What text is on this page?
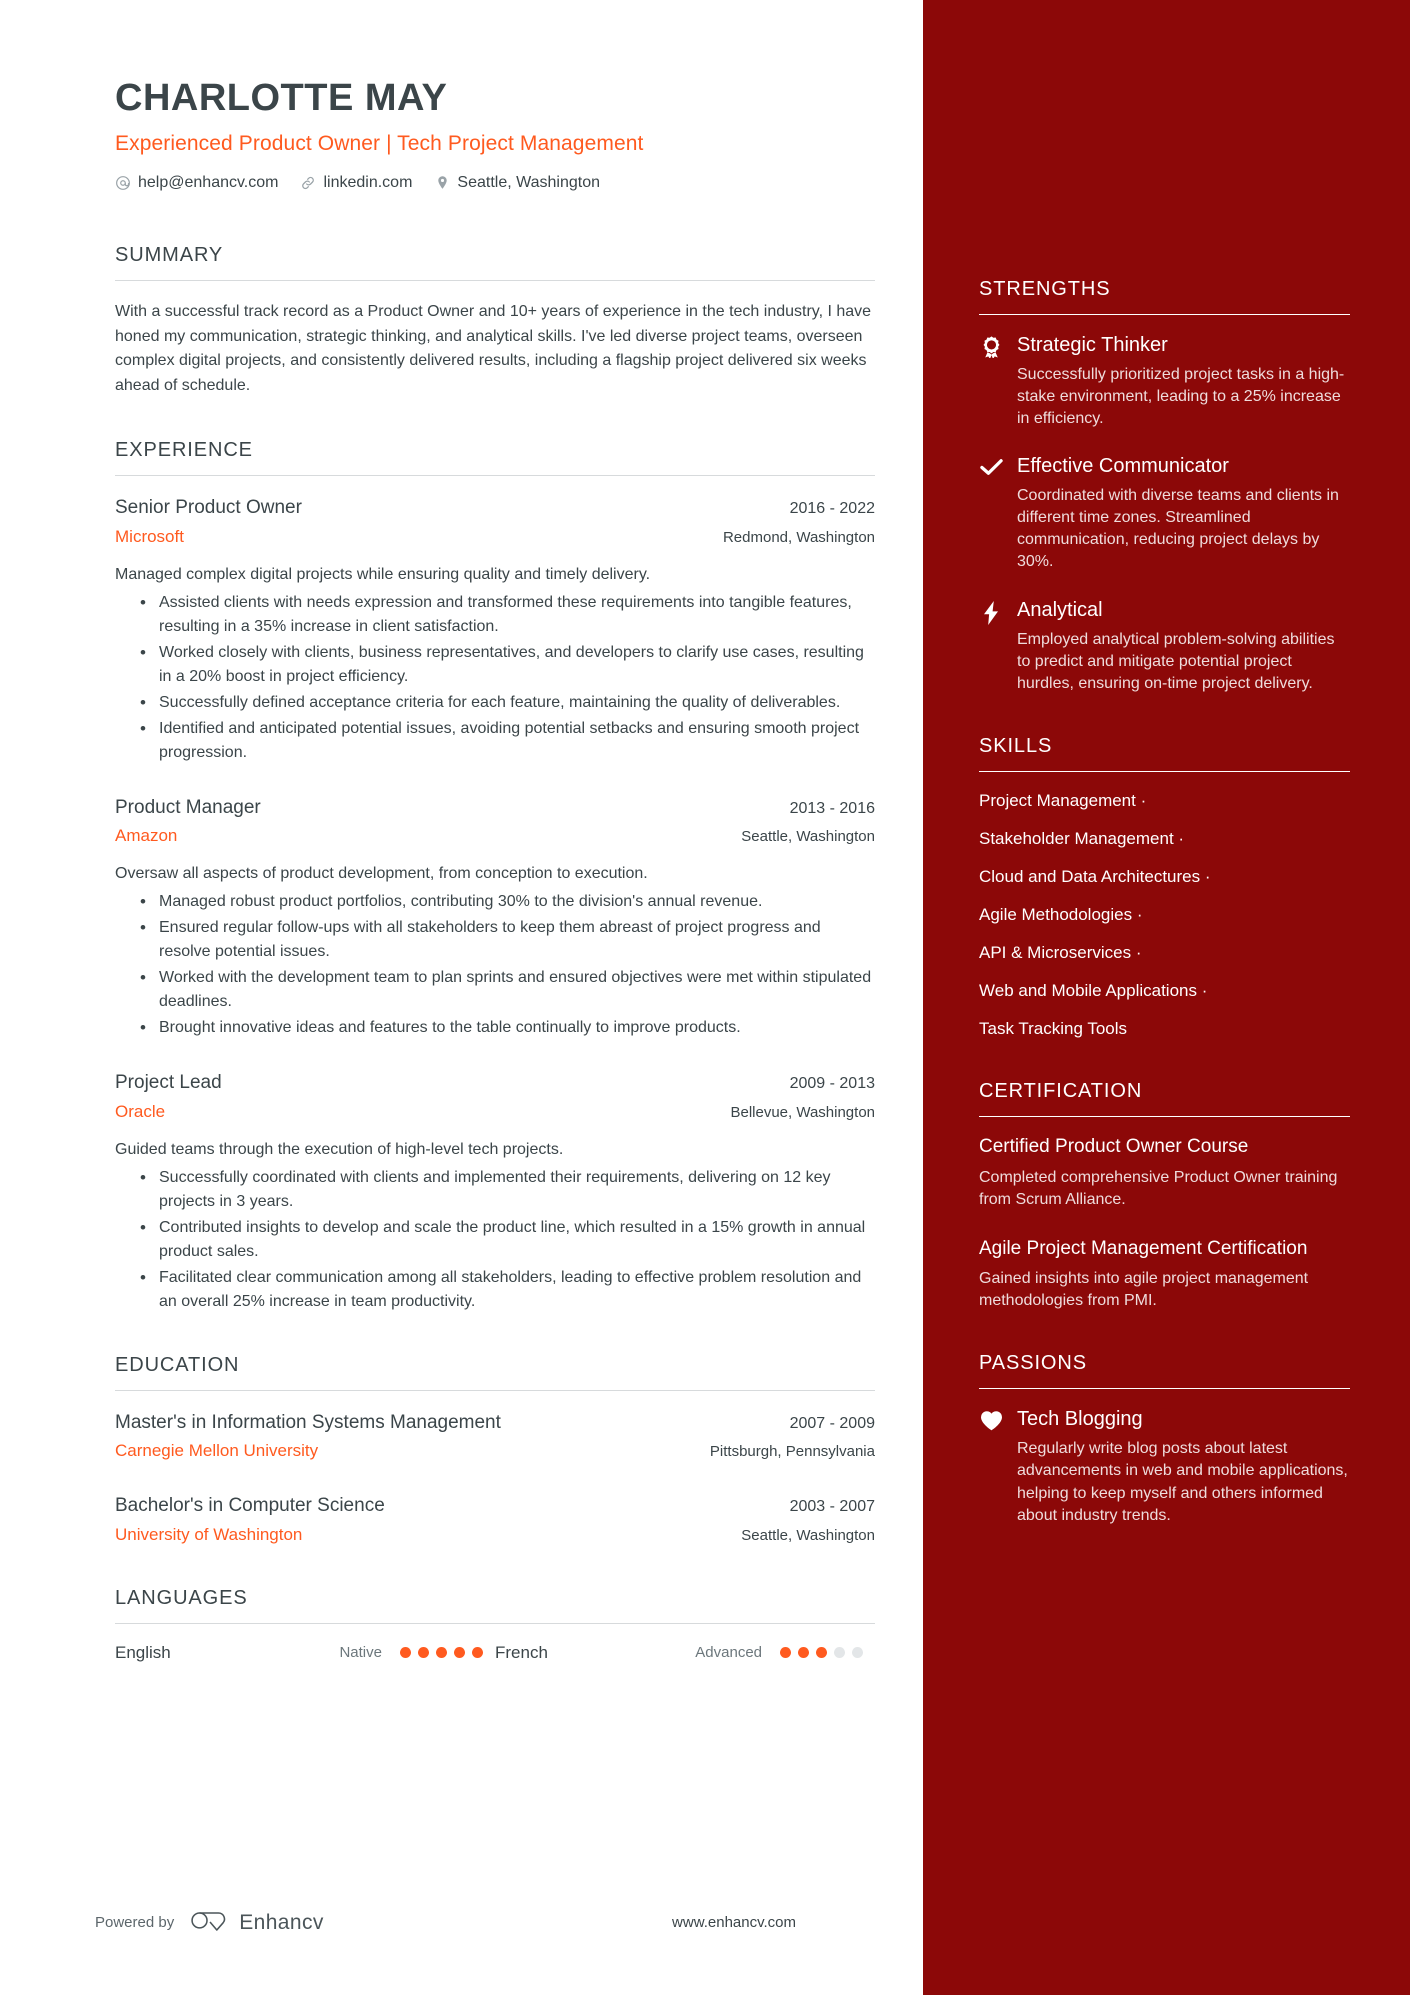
CHARLOTTE MAY
Experienced Product Owner | Tech Project Management
help@enhancv.com	linkedin.com	Seattle, Washington
SUMMARY
With a successful track record as a Product Owner and 10+ years of experience in the tech industry, I have honed my communication, strategic thinking, and analytical skills. I've led diverse project teams, overseen complex digital projects, and consistently delivered results, including a flagship project delivered six weeks ahead of schedule.
EXPERIENCE
Senior Product Owner	2016 - 2022
Microsoft	Redmond, Washington
Managed complex digital projects while ensuring quality and timely delivery.
• Assisted clients with needs expression and transformed these requirements into tangible features, resulting in a 35% increase in client satisfaction.
• Worked closely with clients, business representatives, and developers to clarify use cases, resulting in a 20% boost in project efficiency.
• Successfully defined acceptance criteria for each feature, maintaining the quality of deliverables.
• Identified and anticipated potential issues, avoiding potential setbacks and ensuring smooth project progression.
Product Manager	2013 - 2016
Amazon	Seattle, Washington
Oversaw all aspects of product development, from conception to execution.
• Managed robust product portfolios, contributing 30% to the division's annual revenue.
• Ensured regular follow-ups with all stakeholders to keep them abreast of project progress and resolve potential issues.
• Worked with the development team to plan sprints and ensured objectives were met within stipulated deadlines.
• Brought innovative ideas and features to the table continually to improve products.
Project Lead	2009 - 2013
Oracle	Bellevue, Washington
Guided teams through the execution of high-level tech projects.
• Successfully coordinated with clients and implemented their requirements, delivering on 12 key projects in 3 years.
• Contributed insights to develop and scale the product line, which resulted in a 15% growth in annual product sales.
• Facilitated clear communication among all stakeholders, leading to effective problem resolution and an overall 25% increase in team productivity.
EDUCATION
Master's in Information Systems Management	2007 - 2009
Carnegie Mellon University	Pittsburgh, Pennsylvania
Bachelor's in Computer Science	2003 - 2007
University of Washington	Seattle, Washington
LANGUAGES
English	Native	French	Advanced
Powered by	Enhancv	www.enhancv.com
STRENGTHS
Strategic Thinker
Successfully prioritized project tasks in a high-stake environment, leading to a 25% increase in efficiency.
Effective Communicator
Coordinated with diverse teams and clients in different time zones. Streamlined communication, reducing project delays by 30%.
Analytical
Employed analytical problem-solving abilities to predict and mitigate potential project hurdles, ensuring on-time project delivery.
SKILLS
Project Management ·
Stakeholder Management ·
Cloud and Data Architectures ·
Agile Methodologies ·
API & Microservices ·
Web and Mobile Applications ·
Task Tracking Tools
CERTIFICATION
Certified Product Owner Course
Completed comprehensive Product Owner training from Scrum Alliance.
Agile Project Management Certification
Gained insights into agile project management methodologies from PMI.
PASSIONS
Tech Blogging
Regularly write blog posts about latest advancements in web and mobile applications, helping to keep myself and others informed about industry trends.
